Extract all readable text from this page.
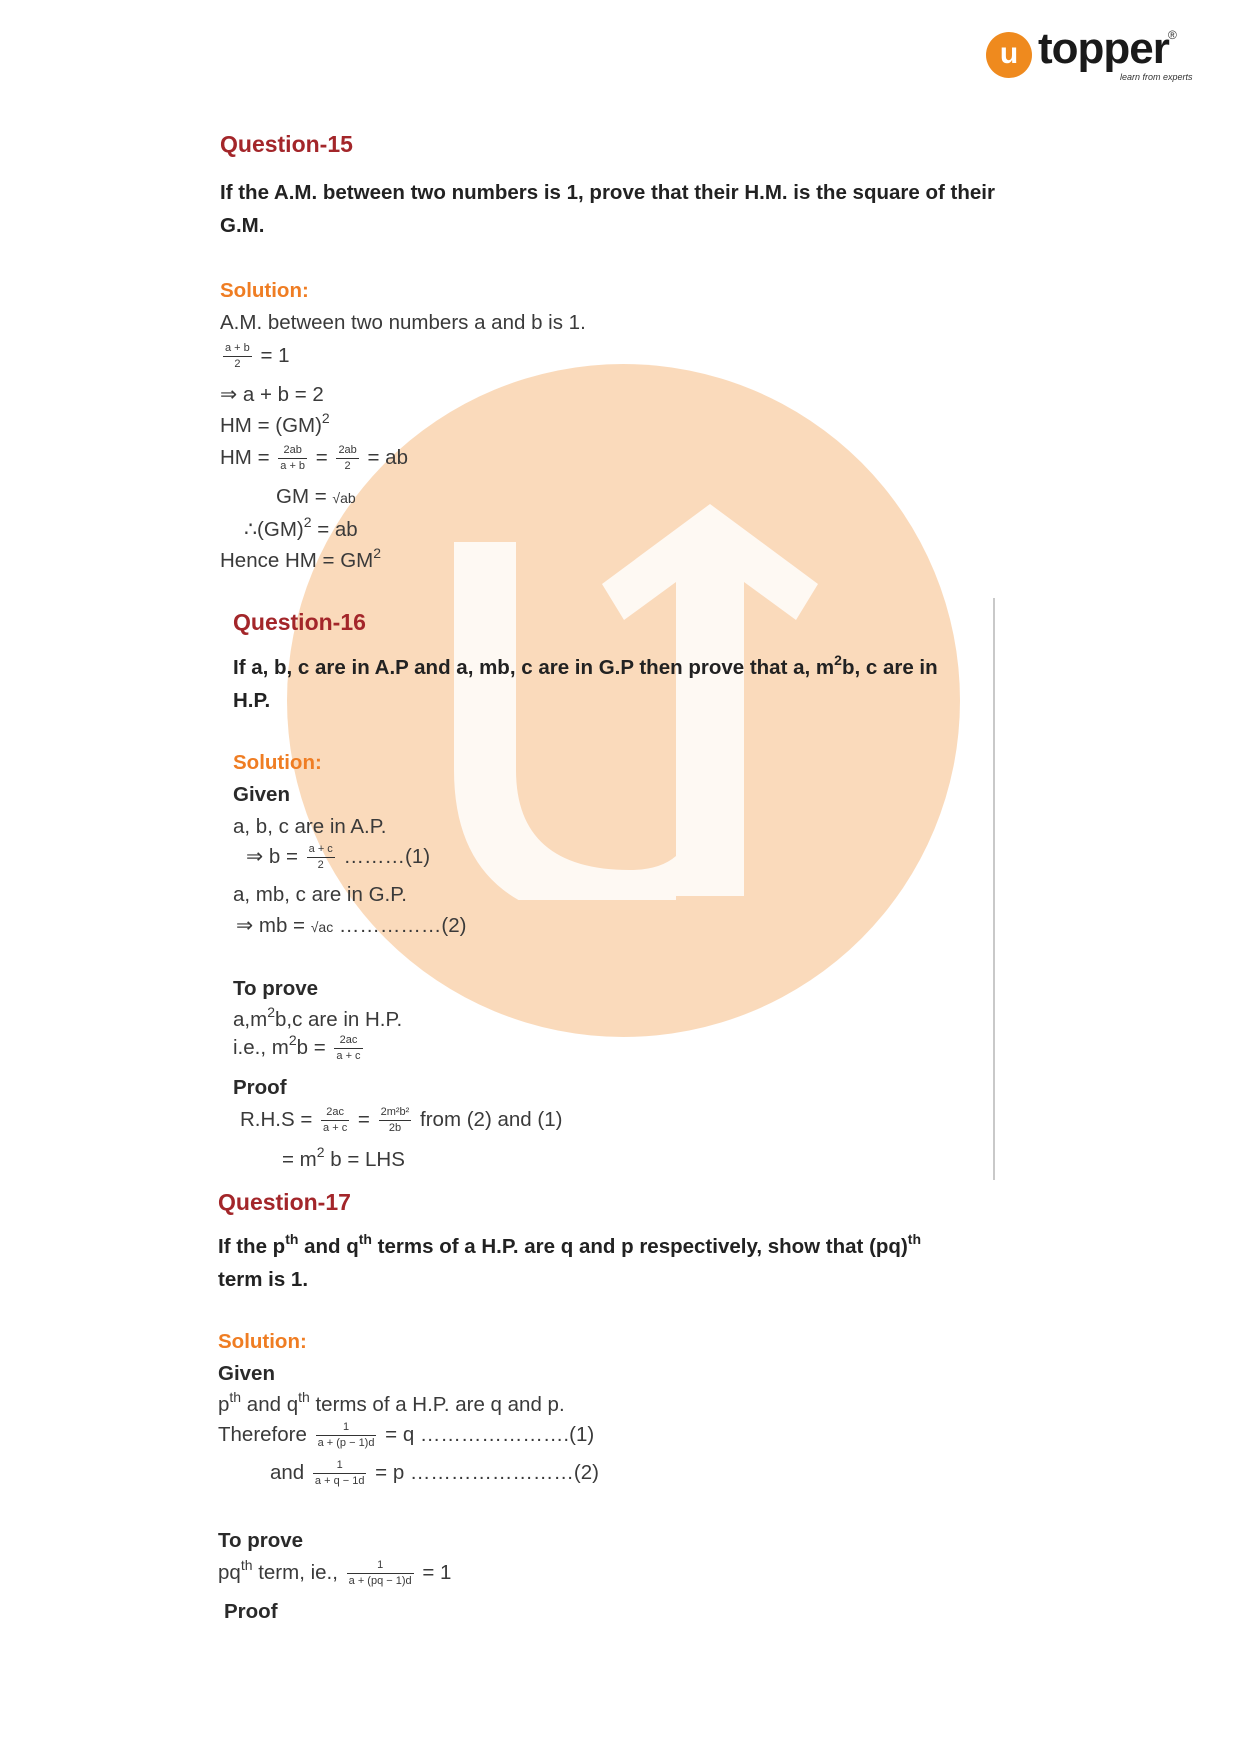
u topper ®
learn from experts
Question-15
If the A.M. between two numbers is 1, prove that their H.M. is the square of their G.M.
Solution:
A.M. between two numbers a and b is 1.
$\frac{a + b}{2} = 1$
⇒ a + b = 2
HM = (GM)$^2$
HM = $\frac{2ab}{a + b} = \frac{2ab}{2}$ = ab
GM = √ab
∴(GM)$^2$ = ab
Hence HM = $GM^2$
Question-16
If a, b, c are in A.P and a, mb, c are in G.P then prove that a, $m^2b$, c are in H.P.
Solution:
Given
a, b, c are in A.P.
⇒ $b = \frac{a + c}{2}$ ………(1)
a, mb, c are in G.P.
⇒ mb = √ac ……………(2)
To prove
$a,m^2b,c$ are in H.P.
i.e., $m^2b = \frac{2ac}{a + c}$
Proof
$R.H.S = \frac{2ac}{a + c} = \frac{\text{2m²b²}}{2b}$ from (2) and (1)
= $m^2$ b = LHS
Question-17
If the $p^{th}$ and $q^{th}$ terms of a H.P. are q and p respectively, show that (pq)$^{th}$
term is 1.
Solution:
Given
$p^{th}$ and $q^{th}$ terms of a H.P. are q and p.
Therefore $\frac{1}{a + (p - 1)d} = q$ ………………….(1)
and $\frac{1}{a + q - 1d} = p$ ……………………(2)
To prove
$pq^{th}$ term, ie., $\frac{1}{a + (pq - 1)d} = 1$
Proof
